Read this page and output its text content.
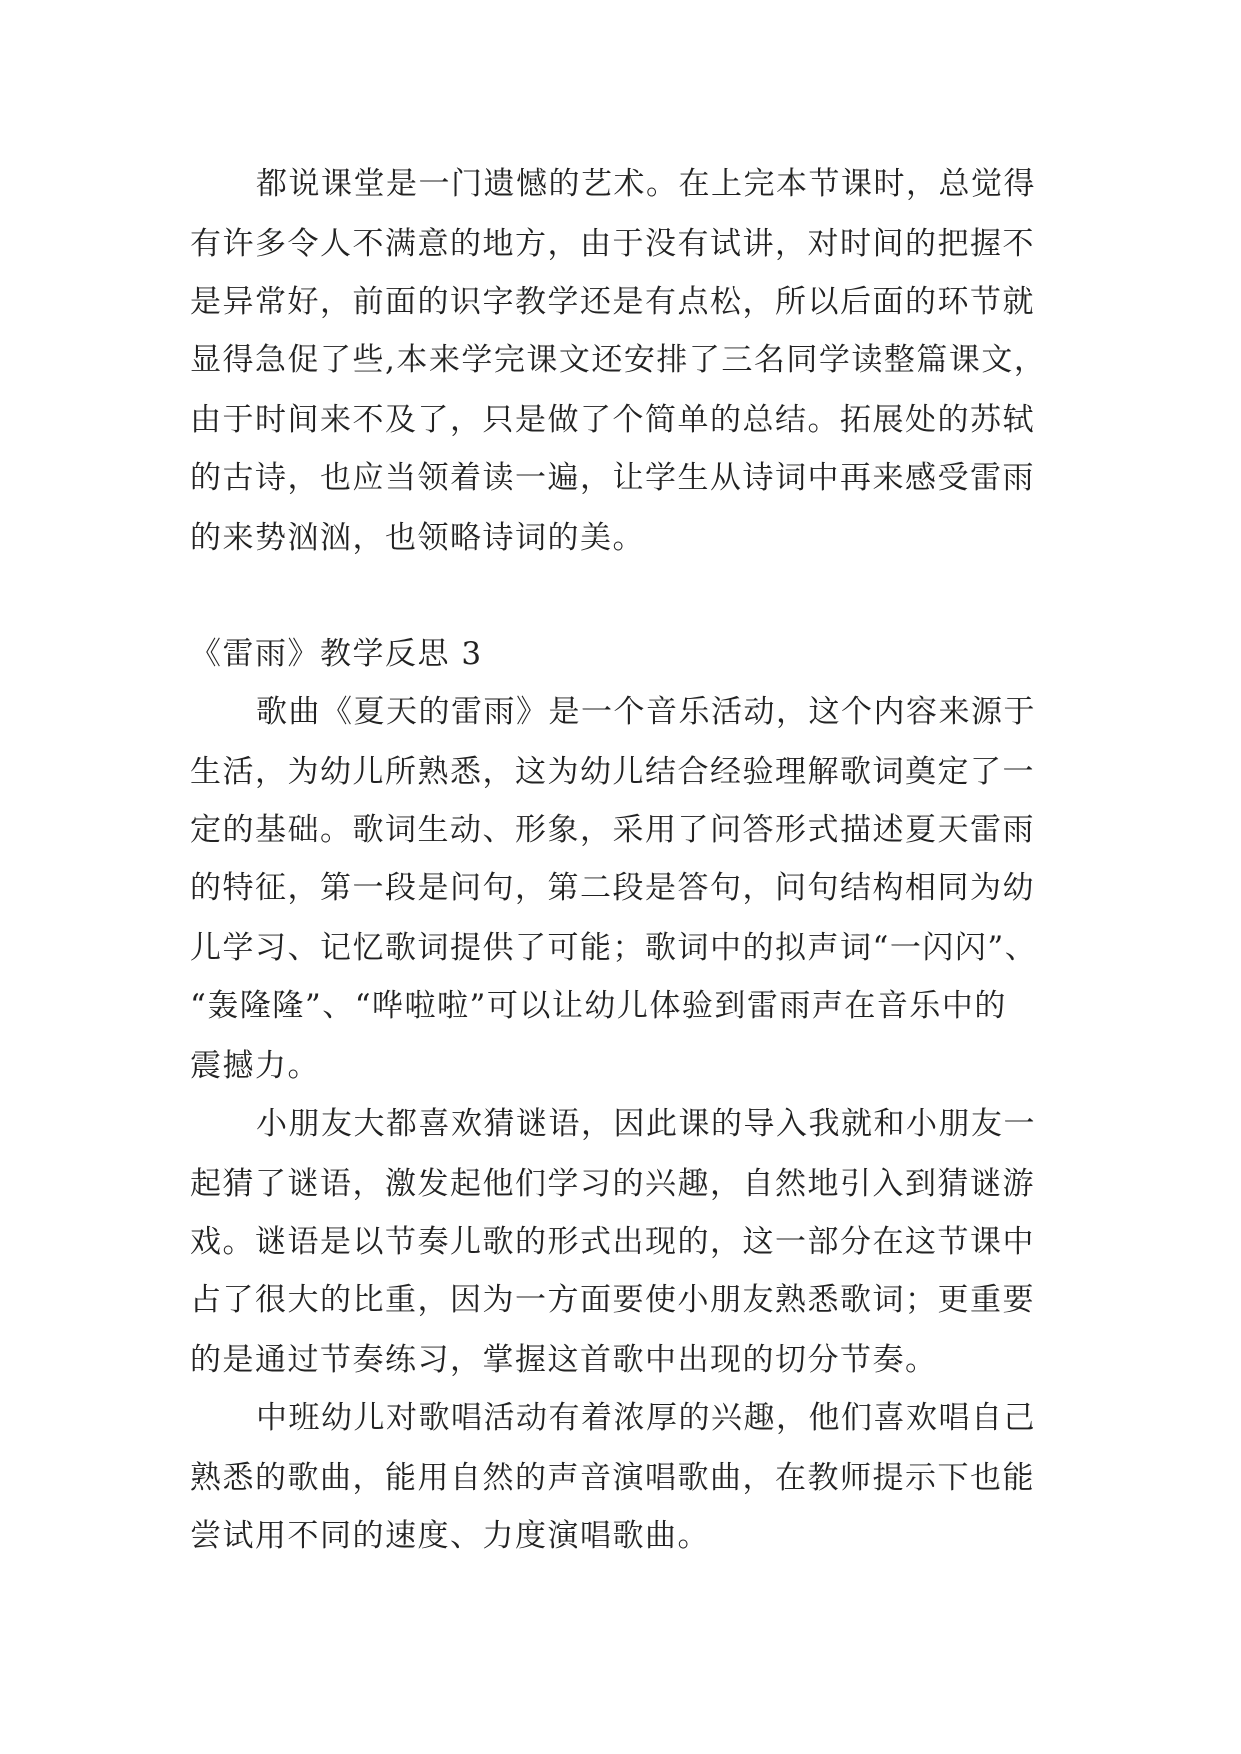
都说课堂是一门遗憾的艺术。在上完本节课时，总觉得
有许多令人不满意的地方，由于没有试讲，对时间的把握不
是异常好，前面的识字教学还是有点松，所以后面的环节就
显得急促了些,本来学完课文还安排了三名同学读整篇课文，
由于时间来不及了，只是做了个简单的总结。拓展处的苏轼
的古诗，也应当领着读一遍，让学生从诗词中再来感受雷雨
的来势汹汹，也领略诗词的美。
《雷雨》教学反思 3
歌曲《夏天的雷雨》是一个音乐活动，这个内容来源于
生活，为幼儿所熟悉，这为幼儿结合经验理解歌词奠定了一
定的基础。歌词生动、形象，采用了问答形式描述夏天雷雨
的特征，第一段是问句，第二段是答句，问句结构相同为幼
儿学习、记忆歌词提供了可能；歌词中的拟声词“一闪闪”、
“轰隆隆”、“哗啦啦”可以让幼儿体验到雷雨声在音乐中的
震撼力。
小朋友大都喜欢猜谜语，因此课的导入我就和小朋友一
起猜了谜语，激发起他们学习的兴趣，自然地引入到猜谜游
戏。谜语是以节奏儿歌的形式出现的，这一部分在这节课中
占了很大的比重，因为一方面要使小朋友熟悉歌词；更重要
的是通过节奏练习，掌握这首歌中出现的切分节奏。
中班幼儿对歌唱活动有着浓厚的兴趣，他们喜欢唱自己
熟悉的歌曲，能用自然的声音演唱歌曲，在教师提示下也能
尝试用不同的速度、力度演唱歌曲。
